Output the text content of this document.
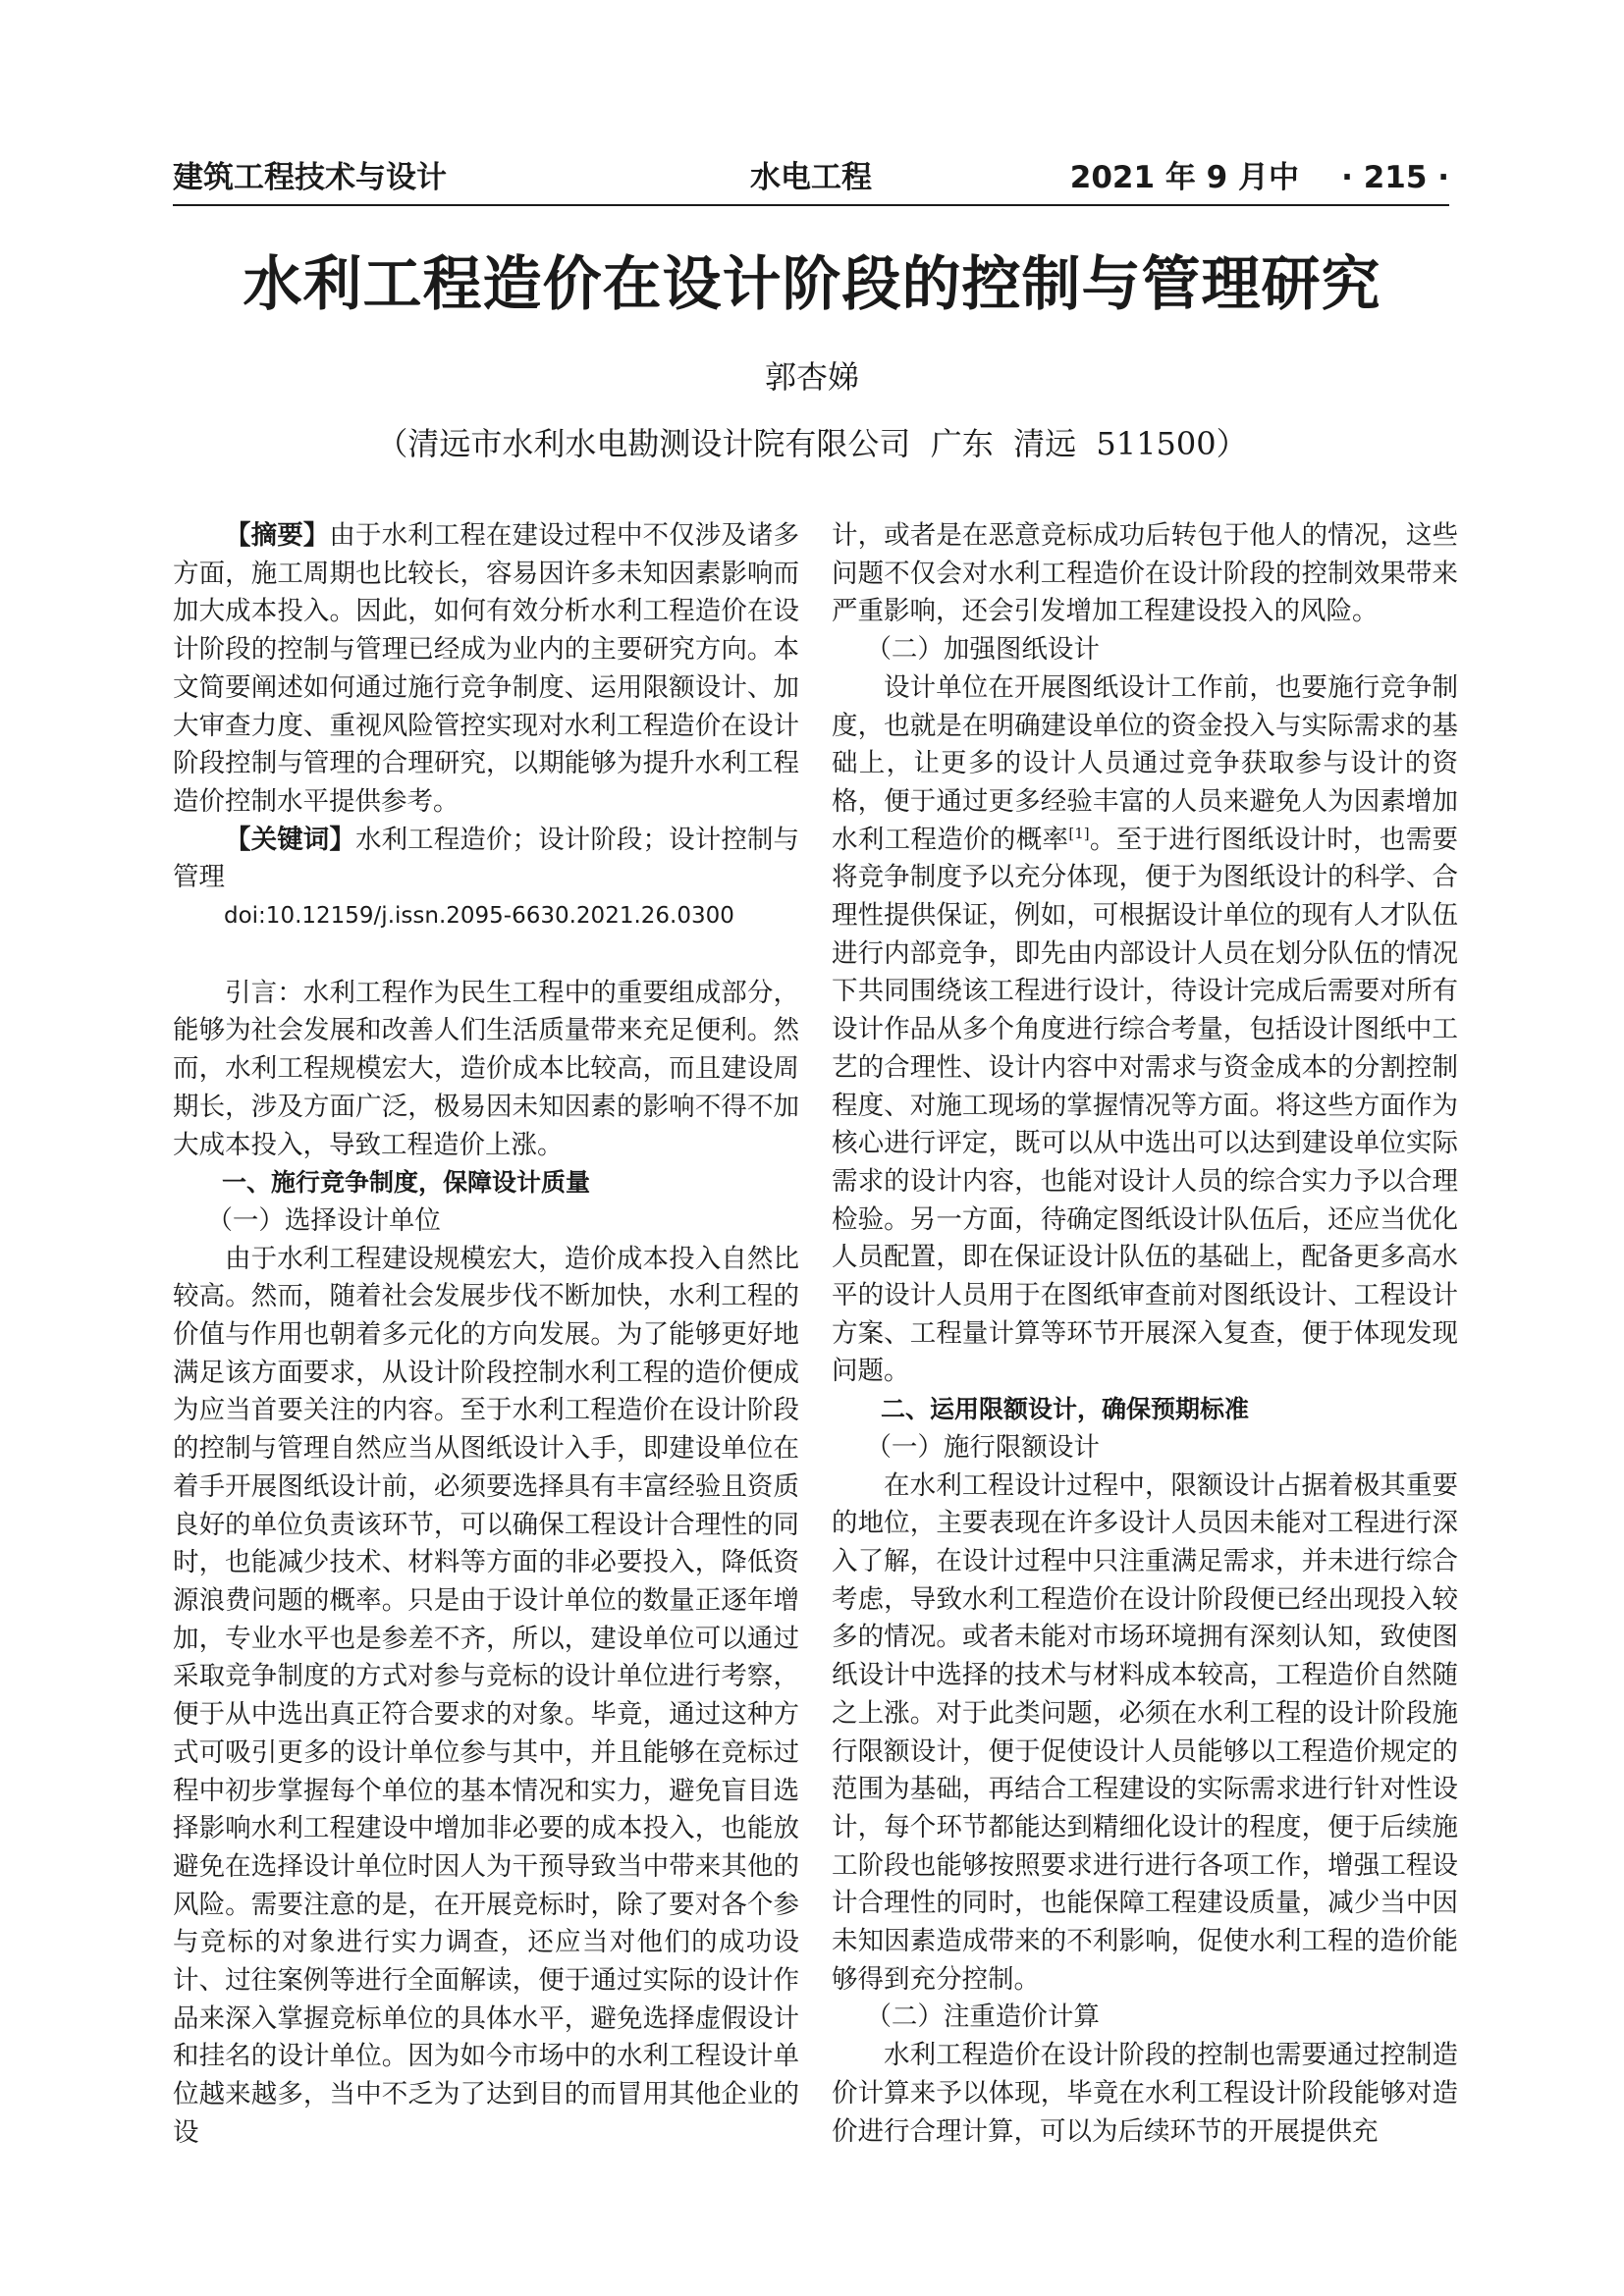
建筑工程技术与设计	水电工程	2021 年 9 月中    · 215 ·
水利工程造价在设计阶段的控制与管理研究
郭杏娣
（清远市水利水电勘测设计院有限公司  广东  清远  511500）

【摘要】由于水利工程在建设过程中不仅涉及诸多方面，施工周期也比较长，容易因许多未知因素影响而加大成本投入。因此，如何有效分析水利工程造价在设计阶段的控制与管理已经成为业内的主要研究方向。本文简要阐述如何通过施行竞争制度、运用限额设计、加大审查力度、重视风险管控实现对水利工程造价在设计阶段控制与管理的合理研究，以期能够为提升水利工程造价控制水平提供参考。

【关键词】水利工程造价；设计阶段；设计控制与管理

doi:10.12159/j.issn.2095-6630.2021.26.0300

引言：水利工程作为民生工程中的重要组成部分，能够为社会发展和改善人们生活质量带来充足便利。然而，水利工程规模宏大，造价成本比较高，而且建设周期长，涉及方面广泛，极易因未知因素的影响不得不加大成本投入，导致工程造价上涨。

一、施行竞争制度，保障设计质量
（一）选择设计单位

由于水利工程建设规模宏大，造价成本投入自然比较高。然而，随着社会发展步伐不断加快，水利工程的价值与作用也朝着多元化的方向发展。为了能够更好地满足该方面要求，从设计阶段控制水利工程的造价便成为应当首要关注的内容。至于水利工程造价在设计阶段的控制与管理自然应当从图纸设计入手，即建设单位在着手开展图纸设计前，必须要选择具有丰富经验且资质良好的单位负责该环节，可以确保工程设计合理性的同时，也能减少技术、材料等方面的非必要投入，降低资源浪费问题的概率。只是由于设计单位的数量正逐年增加，专业水平也是参差不齐，所以，建设单位可以通过采取竞争制度的方式对参与竞标的设计单位进行考察，便于从中选出真正符合要求的对象。毕竟，通过这种方式可吸引更多的设计单位参与其中，并且能够在竞标过程中初步掌握每个单位的基本情况和实力，避免盲目选择影响水利工程建设中增加非必要的成本投入，也能放避免在选择设计单位时因人为干预导致当中带来其他的风险。需要注意的是，在开展竞标时，除了要对各个参与竞标的对象进行实力调查，还应当对他们的成功设计、过往案例等进行全面解读，便于通过实际的设计作品来深入掌握竞标单位的具体水平，避免选择虚假设计和挂名的设计单位。因为如今市场中的水利工程设计单位越来越多，当中不乏为了达到目的而冒用其他企业的设

计，或者是在恶意竞标成功后转包于他人的情况，这些问题不仅会对水利工程造价在设计阶段的控制效果带来严重影响，还会引发增加工程建设投入的风险。

（二）加强图纸设计

设计单位在开展图纸设计工作前，也要施行竞争制度，也就是在明确建设单位的资金投入与实际需求的基础上，让更多的设计人员通过竞争获取参与设计的资格，便于通过更多经验丰富的人员来避免人为因素增加水利工程造价的概率[1]。至于进行图纸设计时，也需要将竞争制度予以充分体现，便于为图纸设计的科学、合理性提供保证，例如，可根据设计单位的现有人才队伍进行内部竞争，即先由内部设计人员在划分队伍的情况下共同围绕该工程进行设计，待设计完成后需要对所有设计作品从多个角度进行综合考量，包括设计图纸中工艺的合理性、设计内容中对需求与资金成本的分割控制程度、对施工现场的掌握情况等方面。将这些方面作为核心进行评定，既可以从中选出可以达到建设单位实际需求的设计内容，也能对设计人员的综合实力予以合理检验。另一方面，待确定图纸设计队伍后，还应当优化人员配置，即在保证设计队伍的基础上，配备更多高水平的设计人员用于在图纸审查前对图纸设计、工程设计方案、工程量计算等环节开展深入复查，便于体现发现问题。

二、运用限额设计，确保预期标准
（一）施行限额设计

在水利工程设计过程中，限额设计占据着极其重要的地位，主要表现在许多设计人员因未能对工程进行深入了解，在设计过程中只注重满足需求，并未进行综合考虑，导致水利工程造价在设计阶段便已经出现投入较多的情况。或者未能对市场环境拥有深刻认知，致使图纸设计中选择的技术与材料成本较高，工程造价自然随之上涨。对于此类问题，必须在水利工程的设计阶段施行限额设计，便于促使设计人员能够以工程造价规定的范围为基础，再结合工程建设的实际需求进行针对性设计，每个环节都能达到精细化设计的程度，便于后续施工阶段也能够按照要求进行进行各项工作，增强工程设计合理性的同时，也能保障工程建设质量，减少当中因未知因素造成带来的不利影响，促使水利工程的造价能够得到充分控制。

（二）注重造价计算

水利工程造价在设计阶段的控制也需要通过控制造价计算来予以体现，毕竟在水利工程设计阶段能够对造价进行合理计算，可以为后续环节的开展提供充
